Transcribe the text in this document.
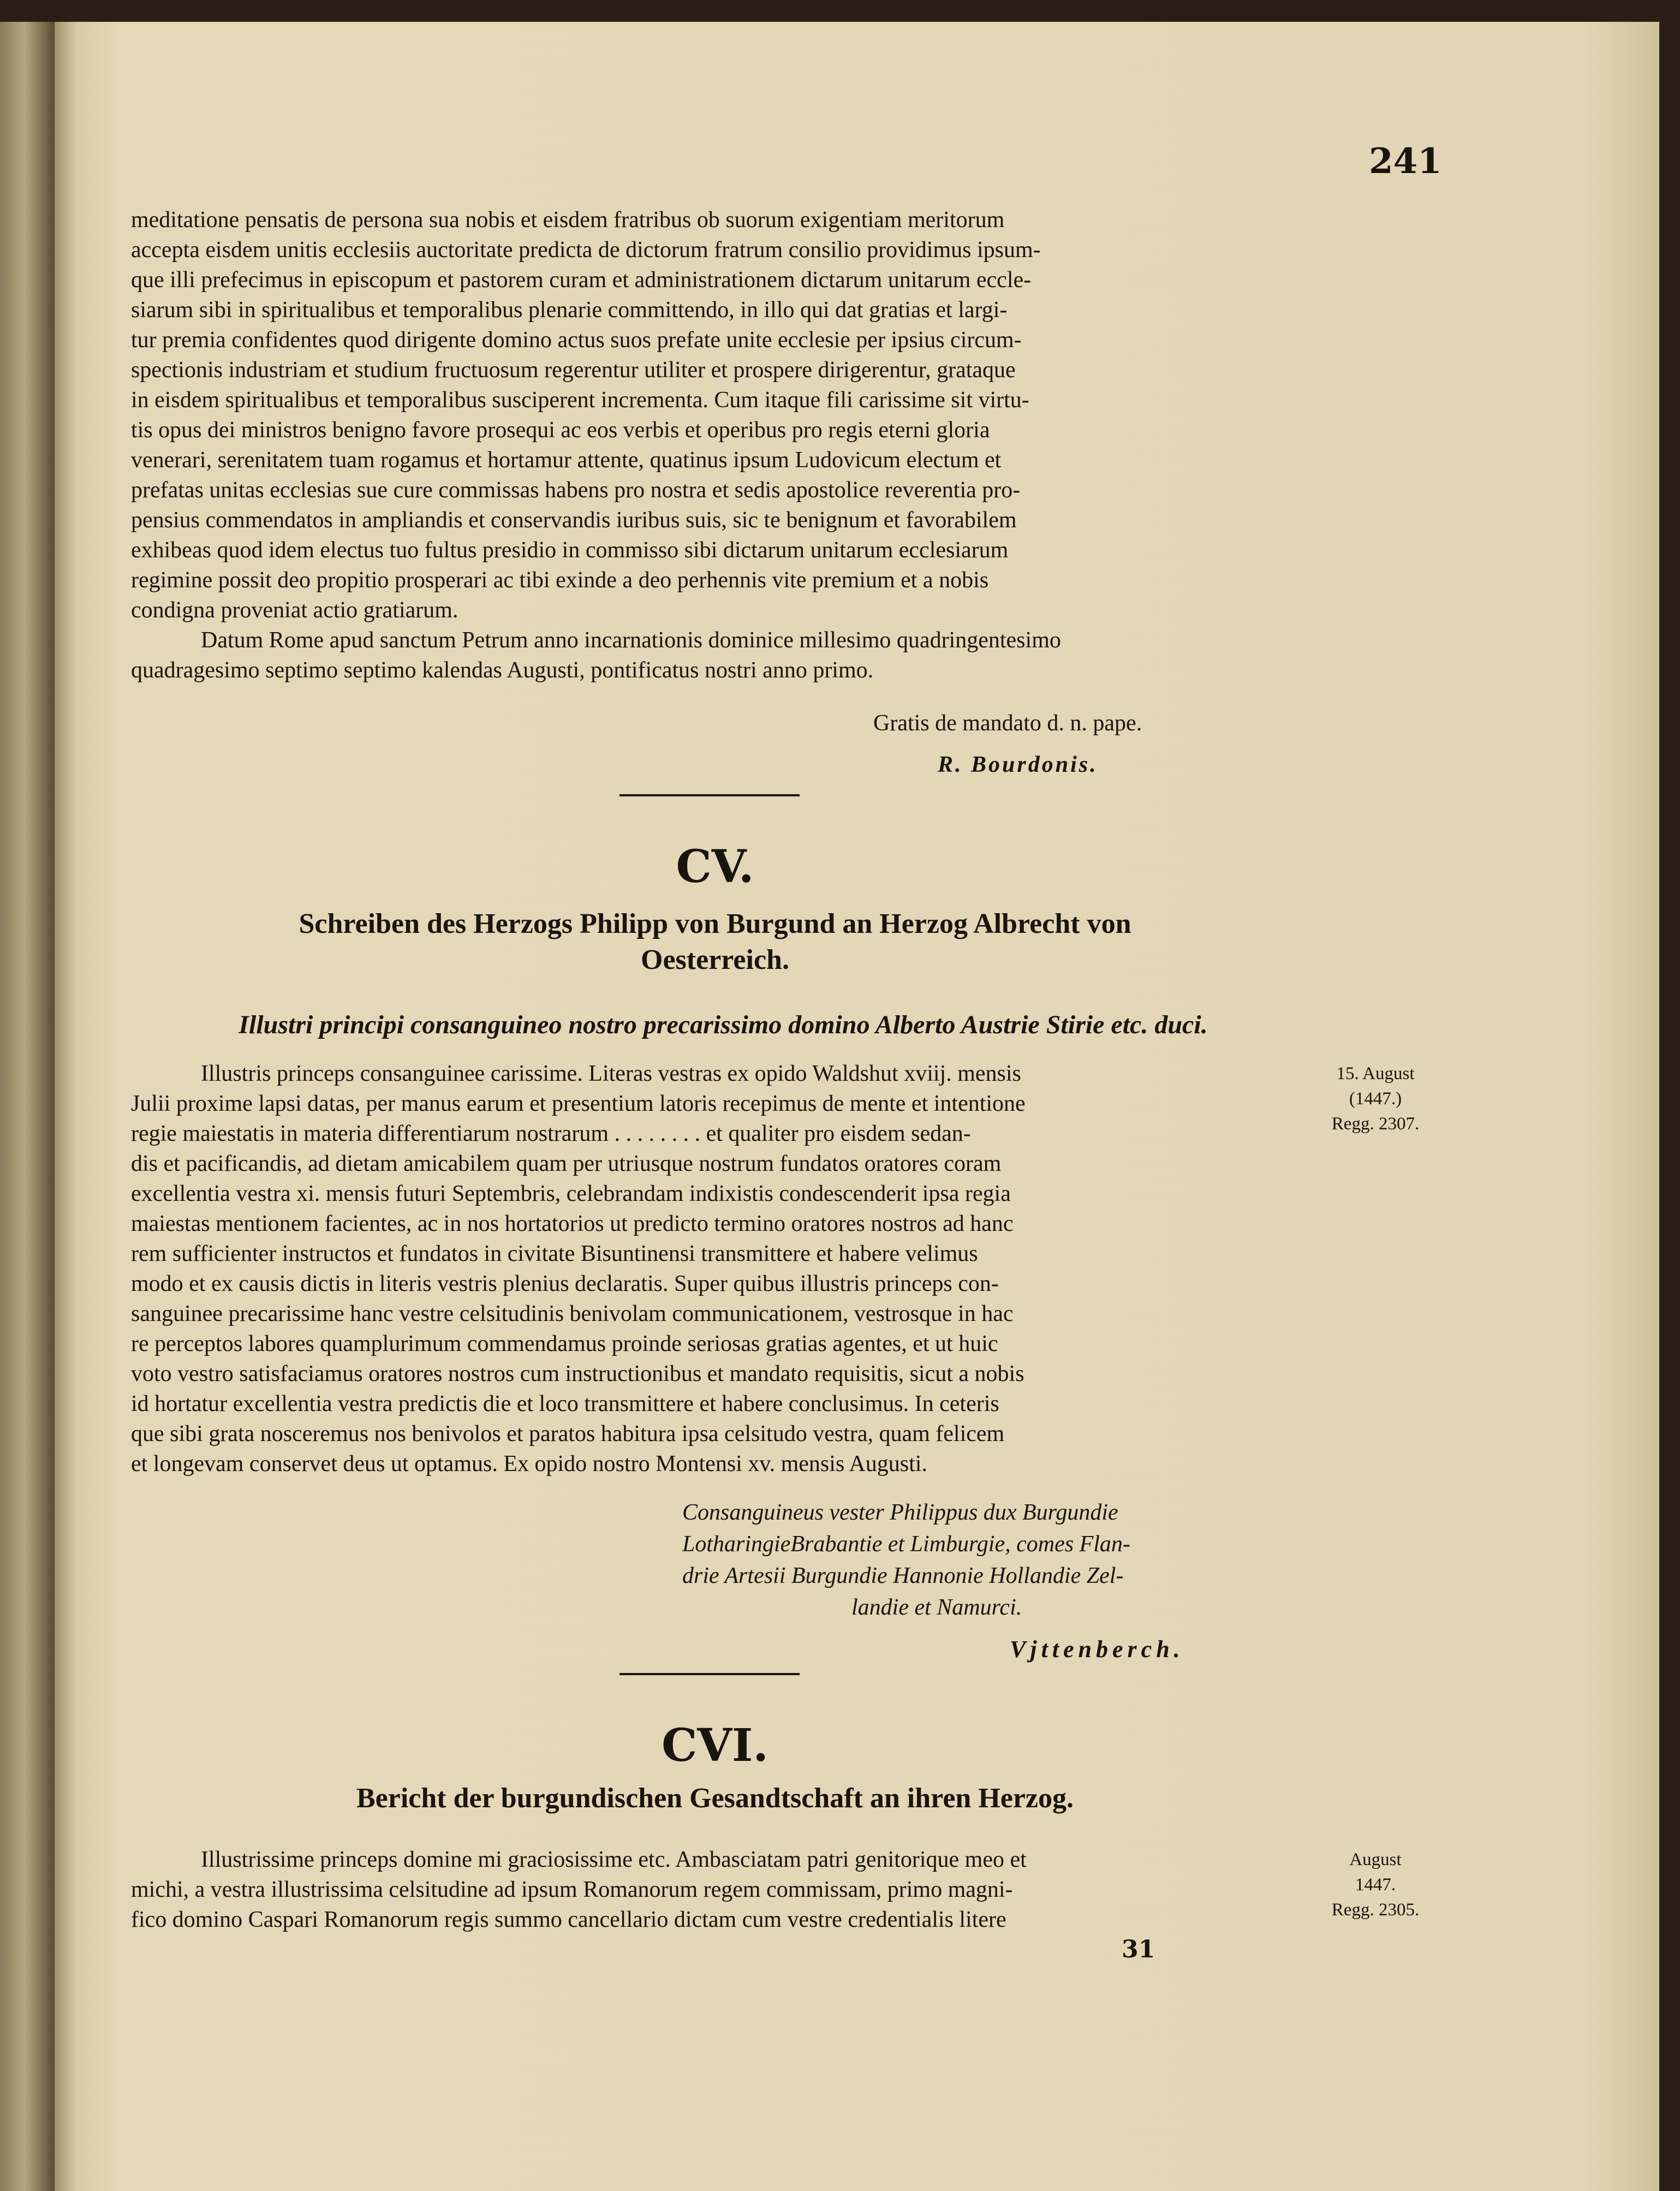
241
meditatione pensatis de persona sua nobis et eisdem fratribus ob suorum exigentiam meritorum
accepta eisdem unitis ecclesiis auctoritate predicta de dictorum fratrum consilio providimus ipsum-
que illi prefecimus in episcopum et pastorem curam et administrationem dictarum unitarum eccle-
siarum sibi in spiritualibus et temporalibus plenarie committendo, in illo qui dat gratias et largi-
tur premia confidentes quod dirigente domino actus suos prefate unite ecclesie per ipsius circum-
spectionis industriam et studium fructuosum regerentur utiliter et prospere dirigerentur, grataque
in eisdem spiritualibus et temporalibus susciperent incrementa. Cum itaque fili carissime sit virtu-
tis opus dei ministros benigno favore prosequi ac eos verbis et operibus pro regis eterni gloria
venerari, serenitatem tuam rogamus et hortamur attente, quatinus ipsum Ludovicum electum et
prefatas unitas ecclesias sue cure commissas habens pro nostra et sedis apostolice reverentia pro-
pensius commendatos in ampliandis et conservandis iuribus suis, sic te benignum et favorabilem
exhibeas quod idem electus tuo fultus presidio in commisso sibi dictarum unitarum ecclesiarum
regimine possit deo propitio prosperari ac tibi exinde a deo perhennis vite premium et a nobis
condigna proveniat actio gratiarum.
Datum Rome apud sanctum Petrum anno incarnationis dominice millesimo quadringentesimo
quadragesimo septimo septimo kalendas Augusti, pontificatus nostri anno primo.
Gratis de mandato d. n. pape.
R. Bourdonis.
CV.
Schreiben des Herzogs Philipp von Burgund an Herzog Albrecht von
Oesterreich.
Illustri principi consanguineo nostro precarissimo domino Alberto Austrie Stirie etc. duci.
15. August
(1447.)
Regg. 2307.
Illustris princeps consanguinee carissime. Literas vestras ex opido Waldshut xviij. mensis
Julii proxime lapsi datas, per manus earum et presentium latoris recepimus de mente et intentione
regie maiestatis in materia differentiarum nostrarum . . . . . . . . et qualiter pro eisdem sedan-
dis et pacificandis, ad dietam amicabilem quam per utriusque nostrum fundatos oratores coram
excellentia vestra xi. mensis futuri Septembris, celebrandam indixistis condescenderit ipsa regia
maiestas mentionem facientes, ac in nos hortatorios ut predicto termino oratores nostros ad hanc
rem sufficienter instructos et fundatos in civitate Bisuntinensi transmittere et habere velimus
modo et ex causis dictis in literis vestris plenius declaratis. Super quibus illustris princeps con-
sanguinee precarissime hanc vestre celsitudinis benivolam communicationem, vestrosque in hac
re perceptos labores quamplurimum commendamus proinde seriosas gratias agentes, et ut huic
voto vestro satisfaciamus oratores nostros cum instructionibus et mandato requisitis, sicut a nobis
id hortatur excellentia vestra predictis die et loco transmittere et habere conclusimus. In ceteris
que sibi grata nosceremus nos benivolos et paratos habitura ipsa celsitudo vestra, quam felicem
et longevam conservet deus ut optamus. Ex opido nostro Montensi xv. mensis Augusti.
Consanguineus vester Philippus dux Burgundie
LotharingieBrabantie et Limburgie, comes Flan-
drie Artesii Burgundie Hannonie Hollandie Zel-
landie et Namurci.
Vjttenberch.
CVI.
Bericht der burgundischen Gesandtschaft an ihren Herzog.
August
1447.
Regg. 2305.
Illustrissime princeps domine mi graciosissime etc. Ambasciatam patri genitorique meo et
michi, a vestra illustrissima celsitudine ad ipsum Romanorum regem commissam, primo magni-
fico domino Caspari Romanorum regis summo cancellario dictam cum vestre credentialis litere
31
